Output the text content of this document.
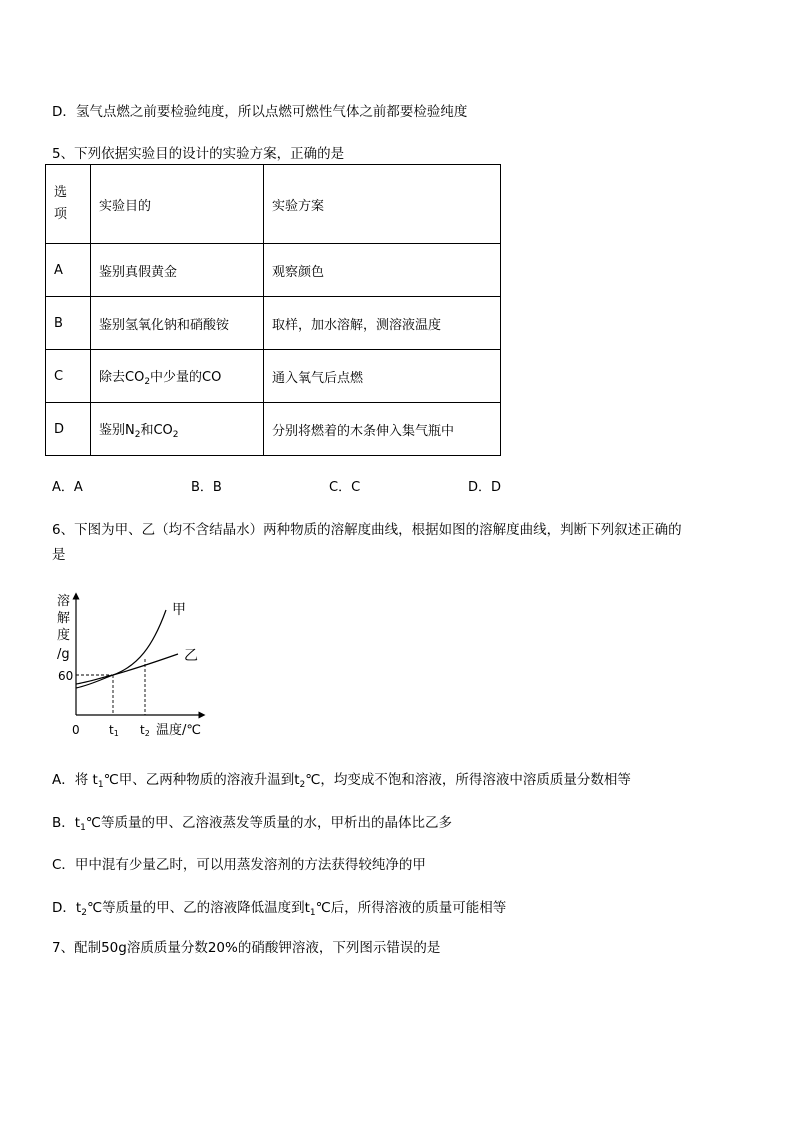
D．氢气点燃之前要检验纯度，所以点燃可燃性气体之前都要检验纯度
5、下列依据实验目的设计的实验方案，正确的是
选
项	实验目的	实验方案
A	鉴别真假黄金	观察颜色
B	鉴别氢氧化钠和硝酸铵	取样，加水溶解，测溶液温度
C	除去$CO_2$中少量的CO	通入氧气后点燃
D	鉴别$N_2$和$CO_2$	分别将燃着的木条伸入集气瓶中
A．A	B．B	C．C	D．D
6、下图为甲、乙（均不含结晶水）两种物质的溶解度曲线，根据如图的溶解度曲线，判断下列叙述正确的
是
溶
解
度
/g
60
甲
乙
0 t1 t2 温度/℃
A．将 $t_1℃$甲、乙两种物质的溶液升温到$t_2℃$，均变成不饱和溶液，所得溶液中溶质质量分数相等
B．$t_1℃$等质量的甲、乙溶液蒸发等质量的水，甲析出的晶体比乙多
C．甲中混有少量乙时，可以用蒸发溶剂的方法获得较纯净的甲
D．$t_2℃$等质量的甲、乙的溶液降低温度到$t_1℃$后，所得溶液的质量可能相等
7、配制50g溶质质量分数20%的硝酸钾溶液，下列图示错误的是
